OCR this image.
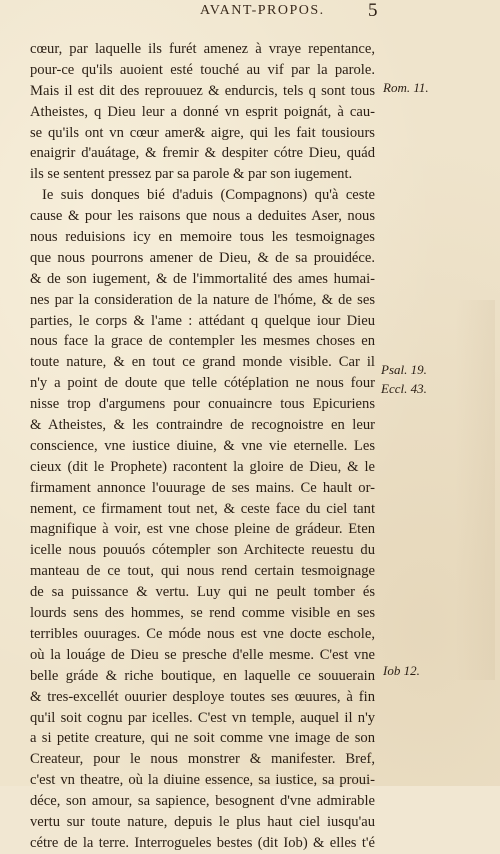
AVANT-PROPOS. 5
cœur, par laquelle ils furét amenez à vraye repentance,
pour-ce qu'ils auoient esté touché au vif par la parole.
Mais il est dit des reprouuez & endurcis, tels q sont tous
Atheistes, q Dieu leur a donné vn esprit poignát, à cau-
se qu'ils ont vn cœur amer& aigre, qui les fait tousiours
enaigrir d'auátage, & fremir & despiter cótre Dieu, quád
ils se sentent pressez par sa parole & par son iugement.
Ie suis donques bié d'aduis (Compagnons) qu'à ceste
cause & pour les raisons que nous a deduites Aser, nous
nous reduisions icy en memoire tous les tesmoignages
que nous pourrons amener de Dieu, & de sa prouidéce.
& de son iugement, & de l'immortalité des ames humai-
nes par la consideration de la nature de l'hóme, & de ses
parties, le corps & l'ame : attédant q quelque iour Dieu
nous face la grace de contempler les mesmes choses en
toute nature, & en tout ce grand monde visible. Car il
n'y a point de doute que telle cótéplation ne nous four
nisse trop d'argumens pour conuaincre tous Epicuriens
& Atheistes, & les contraindre de recognoistre en leur
conscience, vne iustice diuine, & vne vie eternelle. Les
cieux (dit le Prophete) racontent la gloire de Dieu, & le
firmament annonce l'ouurage de ses mains. Ce hault or-
nement, ce firmament tout net, & ceste face du ciel tant
magnifique à voir, est vne chose pleine de grádeur. Eten
icelle nous pouuós cótempler son Architecte reuestu du
manteau de ce tout, qui nous rend certain tesmoignage
de sa puissance & vertu. Luy qui ne peult tomber és
lourds sens des hommes, se rend comme visible en ses
terribles ouurages. Ce móde nous est vne docte eschole,
où la louáge de Dieu se presche d'elle mesme. C'est vne
belle grádе & riche boutique, en laquelle ce souuerain
& tres-excellét ouurier desployе toutes ses œuures, à fin
qu'il soit cognu par icelles. C'est vn temple, auquel il n'y
a si petite creature, qui ne soit comme vne image de son
Createur, pour le nous monstrer & manifester. Bref,
c'est vn theatre, où la diuine essence, sa iustice, sa proui-
déce, son amour, sa sapience, besognent d'vne admirable
vertu sur toute nature, depuis le plus haut ciel iusqu'au
cétre de la terre. Interrogueles bestes (dit Iob) & elles t'é
Rom. 11.
Psal. 19.
Eccl. 43.
Iob 12.
